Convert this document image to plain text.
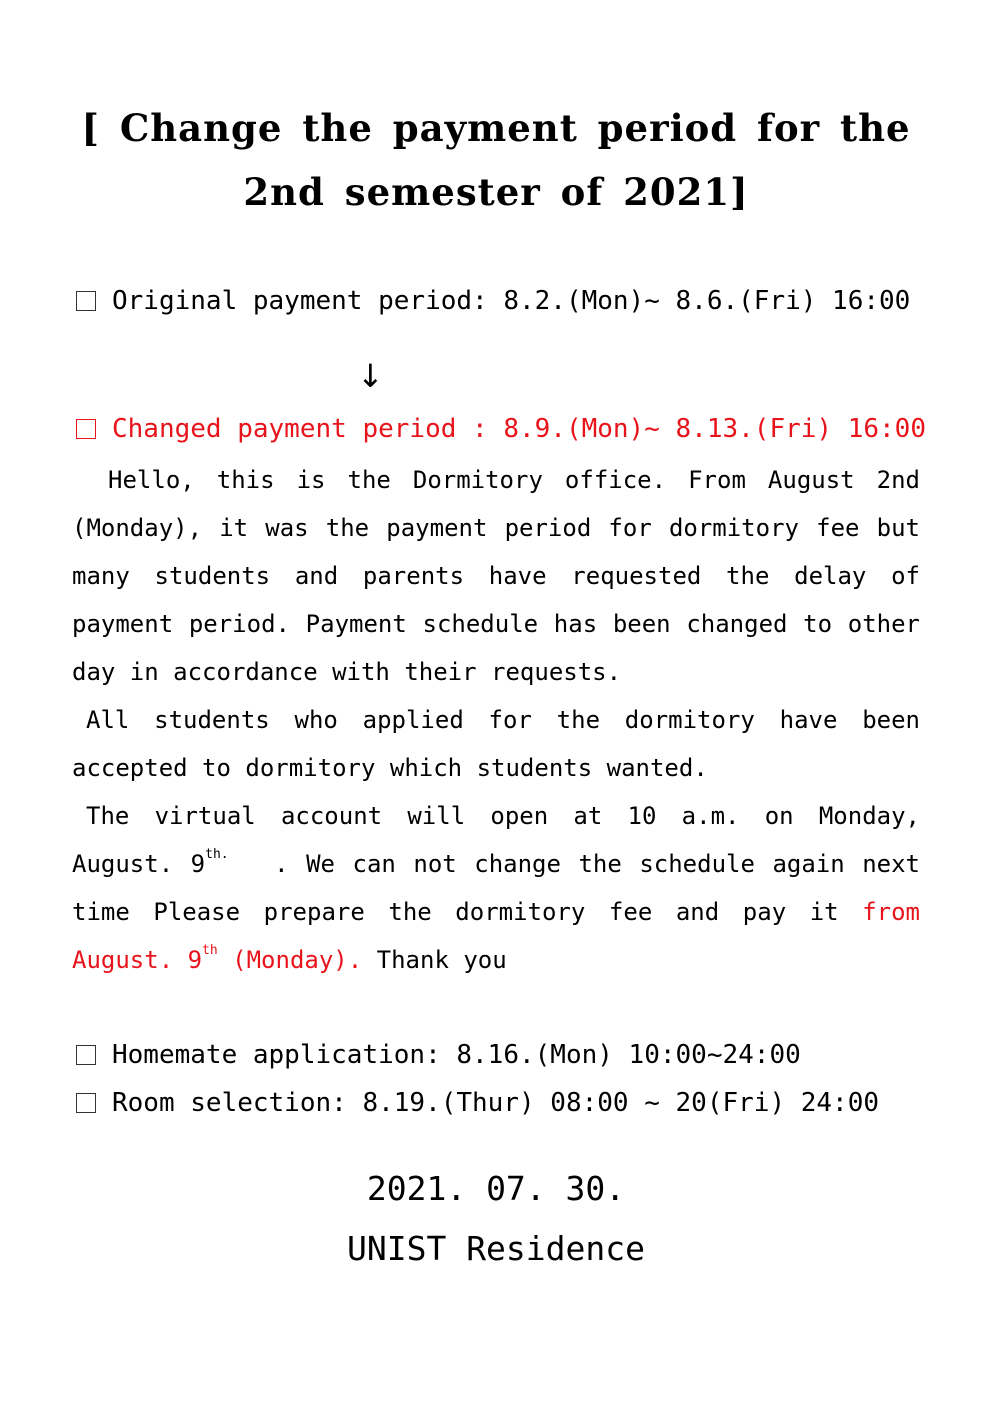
[ Change the payment period for the
2nd semester of 2021]
Original payment period: 8.2.(Mon)~ 8.6.(Fri) 16:00
↓
Changed payment period : 8.9.(Mon)~ 8.13.(Fri) 16:00

Hello, this is the Dormitory office. From August 2nd (Monday), it was the payment period for dormitory fee but many students and parents have requested the delay of payment period. Payment schedule has been changed to other day in accordance with their requests.

All students who applied for the dormitory have been accepted to dormitory which students wanted.

The virtual account will open at 10 a.m. on Monday, August. $9^{th.}$ . We can not change the schedule again next time Please prepare the dormitory fee and pay it from August. 9th (Monday). Thank you

Homemate application: 8.16.(Mon) 10:00~24:00
Room selection: 8.19.(Thur) 08:00 ~ 20(Fri) 24:00
2021. 07. 30.
UNIST Residence
